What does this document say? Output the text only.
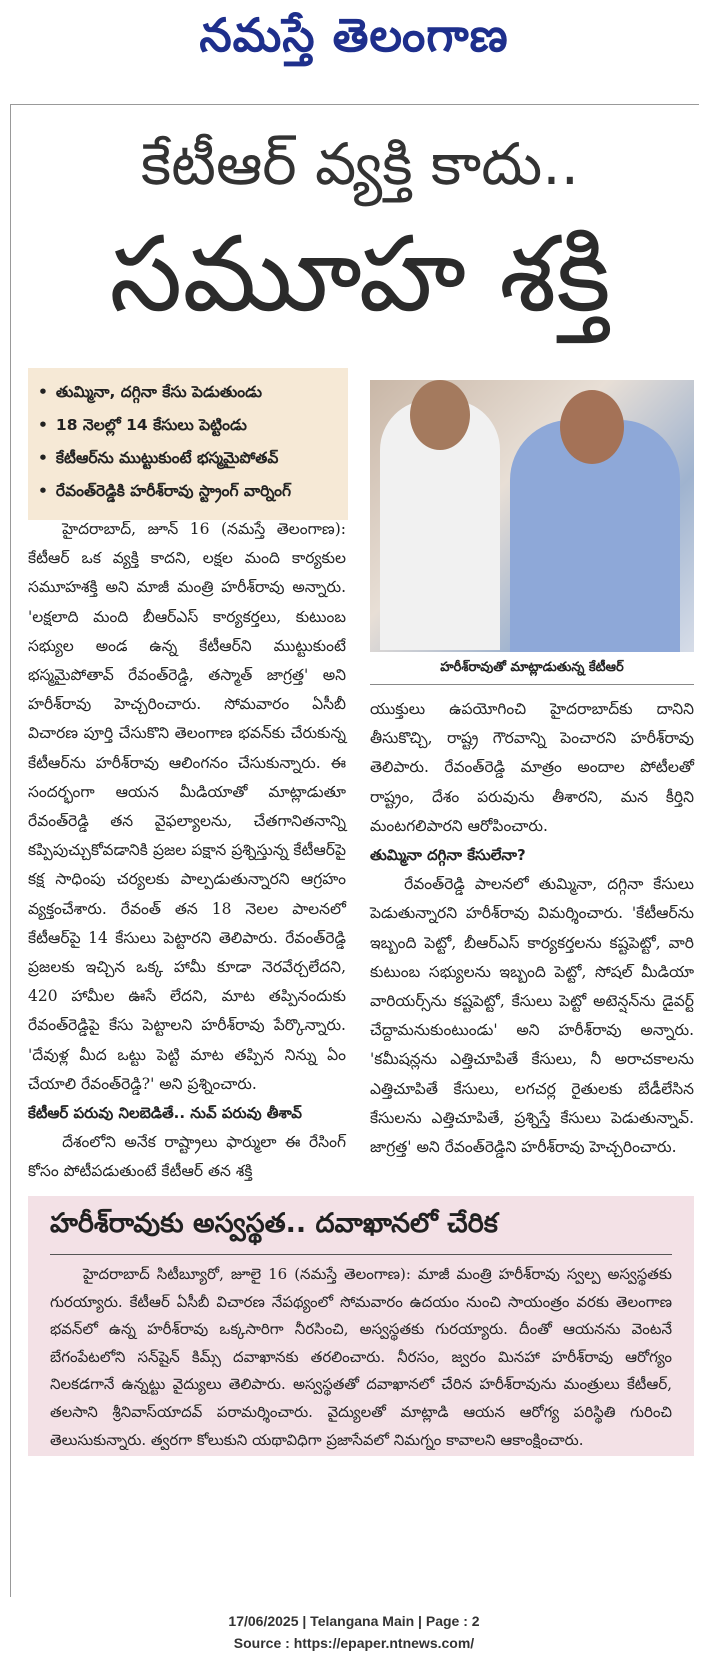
నమస్తే తెలంగాణ
కేటీఆర్ వ్యక్తి కాదు..
సమూహ శక్తి
• తుమ్మినా, దగ్గినా కేసు పెడుతుండు
• 18 నెలల్లో 14 కేసులు పెట్టిండు
• కేటీఆర్‌ను ముట్టుకుంటే భస్మమైపోతవ్
• రేవంత్‌రెడ్డికి హరీశ్‌రావు స్ట్రాంగ్ వార్నింగ్
హరీశ్‌రావుతో మాట్లాడుతున్న కేటీఆర్

హైదరాబాద్, జూన్ 16 (నమస్తే తెలంగాణ): కేటీఆర్ ఒక వ్యక్తి కాదని, లక్షల మంది కార్యకుల సమూహశక్తి అని మాజీ మంత్రి హరీశ్‌రావు అన్నారు. 'లక్షలాది మంది బీఆర్‌ఎస్ కార్యకర్తలు, కుటుంబ సభ్యుల అండ ఉన్న కేటీఆర్‌ని ముట్టుకుంటే భస్మమైపోతావ్ రేవంత్‌రెడ్డి, తస్మాత్ జాగ్రత్త' అని హరీశ్‌రావు హెచ్చరించారు. సోమవారం ఏసీబీ విచారణ పూర్తి చేసుకొని తెలంగాణ భవన్‌కు చేరుకున్న కేటీఆర్‌ను హరీశ్‌రావు ఆలింగనం చేసుకున్నారు. ఈ సందర్భంగా ఆయన మీడియాతో మాట్లాడుతూ రేవంత్‌రెడ్డి తన వైఫల్యాలను, చేతగానితనాన్ని కప్పిపుచ్చుకోవడానికి ప్రజల పక్షాన ప్రశ్నిస్తున్న కేటీఆర్‌పై కక్ష సాధింపు చర్యలకు పాల్పడుతున్నారని ఆగ్రహం వ్యక్తంచేశారు. రేవంత్ తన 18 నెలల పాలనలో కేటీఆర్‌పై 14 కేసులు పెట్టారని తెలిపారు. రేవంత్‌రెడ్డి ప్రజలకు ఇచ్చిన ఒక్క హామీ కూడా నెరవేర్చలేదని, 420 హామీల ఊసే లేదని, మాట తప్పినందుకు రేవంత్‌రెడ్డిపై కేసు పెట్టాలని హరీశ్‌రావు పేర్కొన్నారు. 'దేవుళ్ల మీద ఒట్టు పెట్టి మాట తప్పిన నిన్ను ఏం చేయాలి రేవంత్‌రెడ్డి?' అని ప్రశ్నించారు.

కేటీఆర్ పరువు నిలబెడితే.. నువ్ పరువు తీశావ్

దేశంలోని అనేక రాష్ట్రాలు ఫార్ములా ఈ రేసింగ్ కోసం పోటీపడుతుంటే కేటీఆర్ తన శక్తి

యుక్తులు ఉపయోగించి హైదరాబాద్‌కు దానిని తీసుకొచ్చి, రాష్ట్ర గౌరవాన్ని పెంచారని హరీశ్‌రావు తెలిపారు. రేవంత్‌రెడ్డి మాత్రం అందాల పోటీలతో రాష్ట్రం, దేశం పరువును తీశారని, మన కీర్తిని మంటగలిపారని ఆరోపించారు.

తుమ్మినా దగ్గినా కేసులేనా?

రేవంత్‌రెడ్డి పాలనలో తుమ్మినా, దగ్గినా కేసులు పెడుతున్నారని హరీశ్‌రావు విమర్శించారు. 'కేటీఆర్‌ను ఇబ్బంది పెట్టో, బీఆర్‌ఎస్ కార్యకర్తలను కష్టపెట్టో, వారి కుటుంబ సభ్యులను ఇబ్బంది పెట్టో, సోషల్ మీడియా వారియర్స్‌ను కష్టపెట్టో, కేసులు పెట్టో అటెన్షన్‌ను డైవర్ట్ చేద్దామనుకుంటుండు' అని హరీశ్‌రావు అన్నారు. 'కమీషన్లను ఎత్తిచూపితే కేసులు, నీ అరాచకాలను ఎత్తిచూపితే కేసులు, లగచర్ల రైతులకు బేడీలేసిన కేసులను ఎత్తిచూపితే, ప్రశ్నిస్తే కేసులు పెడుతున్నావ్. జాగ్రత్త' అని రేవంత్‌రెడ్డిని హరీశ్‌రావు హెచ్చరించారు.

హరీశ్‌రావుకు అస్వస్థత.. దవాఖానలో చేరిక

హైదరాబాద్ సిటీబ్యూరో, జూలై 16 (నమస్తే తెలంగాణ): మాజీ మంత్రి హరీశ్‌రావు స్వల్ప అస్వస్థతకు గురయ్యారు. కేటీఆర్ ఏసీబీ విచారణ నేపథ్యంలో సోమవారం ఉదయం నుంచి సాయంత్రం వరకు తెలంగాణ భవన్‌లో ఉన్న హరీశ్‌రావు ఒక్కసారిగా నీరసించి, అస్వస్థతకు గురయ్యారు. దీంతో ఆయనను వెంటనే బేగంపేటలోని సన్‌షైన్ కిమ్స్ దవాఖానకు తరలించారు. నీరసం, జ్వరం మినహా హరీశ్‌రావు ఆరోగ్యం నిలకడగానే ఉన్నట్టు వైద్యులు తెలిపారు. అస్వస్థతతో దవాఖానలో చేరిన హరీశ్‌రావును మంత్రులు కేటీఆర్, తలసాని శ్రీనివాస్‌యాదవ్ పరామర్శించారు. వైద్యులతో మాట్లాడి ఆయన ఆరోగ్య పరిస్థితి గురించి తెలుసుకున్నారు. త్వరగా కోలుకుని యథావిధిగా ప్రజాసేవలో నిమగ్నం కావాలని ఆకాంక్షించారు.

17/06/2025 | Telangana Main | Page : 2
Source : https://epaper.ntnews.com/
